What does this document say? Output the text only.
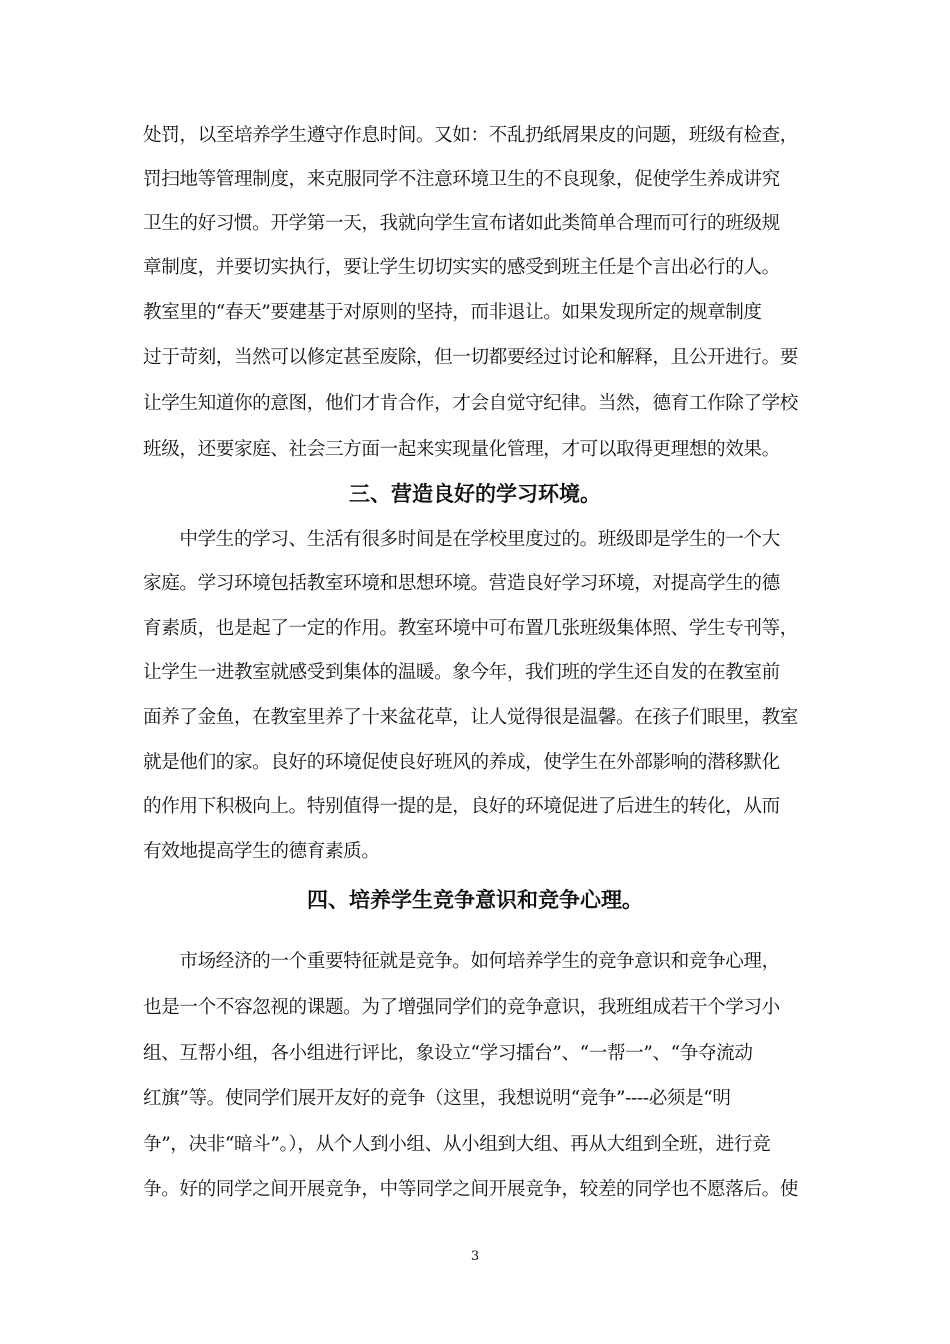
处罚，以至培养学生遵守作息时间。又如：不乱扔纸屑果皮的问题，班级有检查，
罚扫地等管理制度，来克服同学不注意环境卫生的不良现象，促使学生养成讲究
卫生的好习惯。开学第一天，我就向学生宣布诸如此类简单合理而可行的班级规
章制度，并要切实执行，要让学生切切实实的感受到班主任是个言出必行的人。
教室里的“春天”要建基于对原则的坚持，而非退让。如果发现所定的规章制度
过于苛刻，当然可以修定甚至废除，但一切都要经过讨论和解释，且公开进行。要
让学生知道你的意图，他们才肯合作，才会自觉守纪律。当然，德育工作除了学校
班级，还要家庭、社会三方面一起来实现量化管理，才可以取得更理想的效果。
三、营造良好的学习环境。
　　中学生的学习、生活有很多时间是在学校里度过的。班级即是学生的一个大
家庭。学习环境包括教室环境和思想环境。营造良好学习环境，对提高学生的德
育素质，也是起了一定的作用。教室环境中可布置几张班级集体照、学生专刊等，
让学生一进教室就感受到集体的温暖。象今年，我们班的学生还自发的在教室前
面养了金鱼，在教室里养了十来盆花草，让人觉得很是温馨。在孩子们眼里，教室
就是他们的家。良好的环境促使良好班风的养成，使学生在外部影响的潜移默化
的作用下积极向上。特别值得一提的是，良好的环境促进了后进生的转化，从而
有效地提高学生的德育素质。
四、培养学生竞争意识和竞争心理。
　　市场经济的一个重要特征就是竞争。如何培养学生的竞争意识和竞争心理，
也是一个不容忽视的课题。为了增强同学们的竞争意识，我班组成若干个学习小
组、互帮小组，各小组进行评比，象设立“学习擂台”、“一帮一”、“争夺流动
红旗”等。使同学们展开友好的竞争（这里，我想说明“竞争”----必须是“明
争”，决非“暗斗”。），从个人到小组、从小组到大组、再从大组到全班，进行竞
争。好的同学之间开展竞争，中等同学之间开展竞争，较差的同学也不愿落后。使
3
